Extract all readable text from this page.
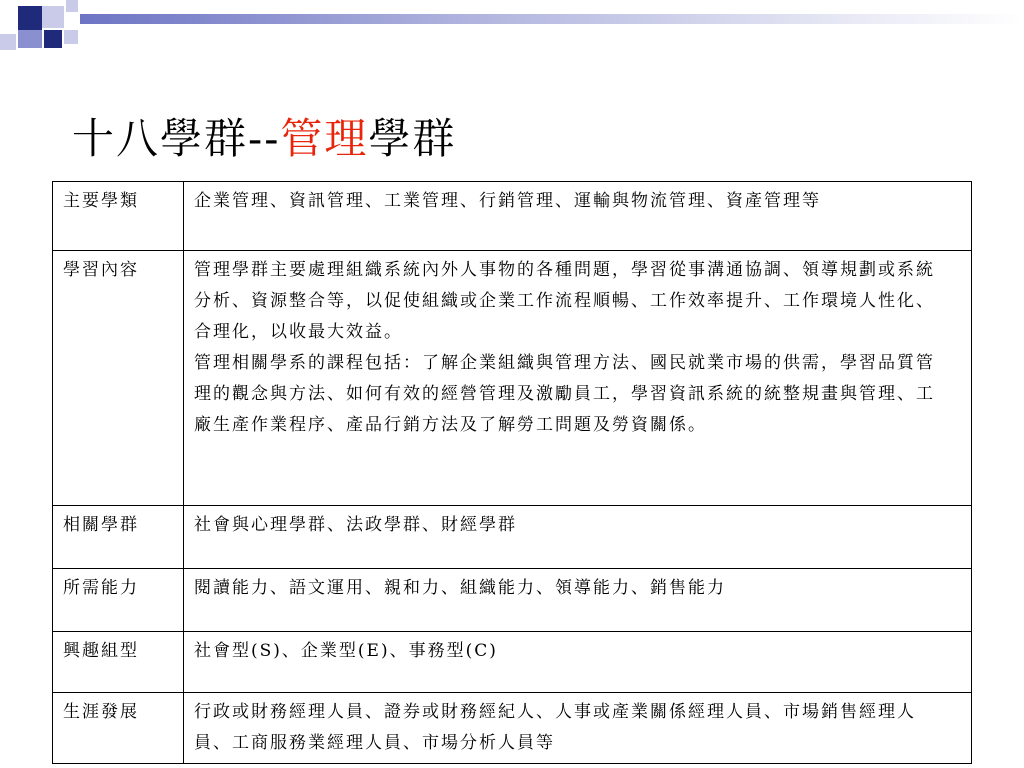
十八學群--管理學群
主要學類	企業管理、資訊管理、工業管理、行銷管理、運輸與物流管理、資產管理等

學習內容	管理學群主要處理組織系統內外人事物的各種問題，學習從事溝通協調、領導規劃或系統分析、資源整合等，以促使組織或企業工作流程順暢、工作效率提升、工作環境人性化、合理化，以收最大效益。
管理相關學系的課程包括：了解企業組織與管理方法、國民就業市場的供需，學習品質管理的觀念與方法、如何有效的經營管理及激勵員工，學習資訊系統的統整規畫與管理、工廠生產作業程序、產品行銷方法及了解勞工問題及勞資關係。

相關學群	社會與心理學群、法政學群、財經學群

所需能力	閱讀能力、語文運用、親和力、組織能力、領導能力、銷售能力

興趣組型	社會型(S)、企業型(E)、事務型(C)

生涯發展	行政或財務經理人員、證券或財務經紀人、人事或產業關係經理人員、市場銷售經理人員、工商服務業經理人員、市場分析人員等
